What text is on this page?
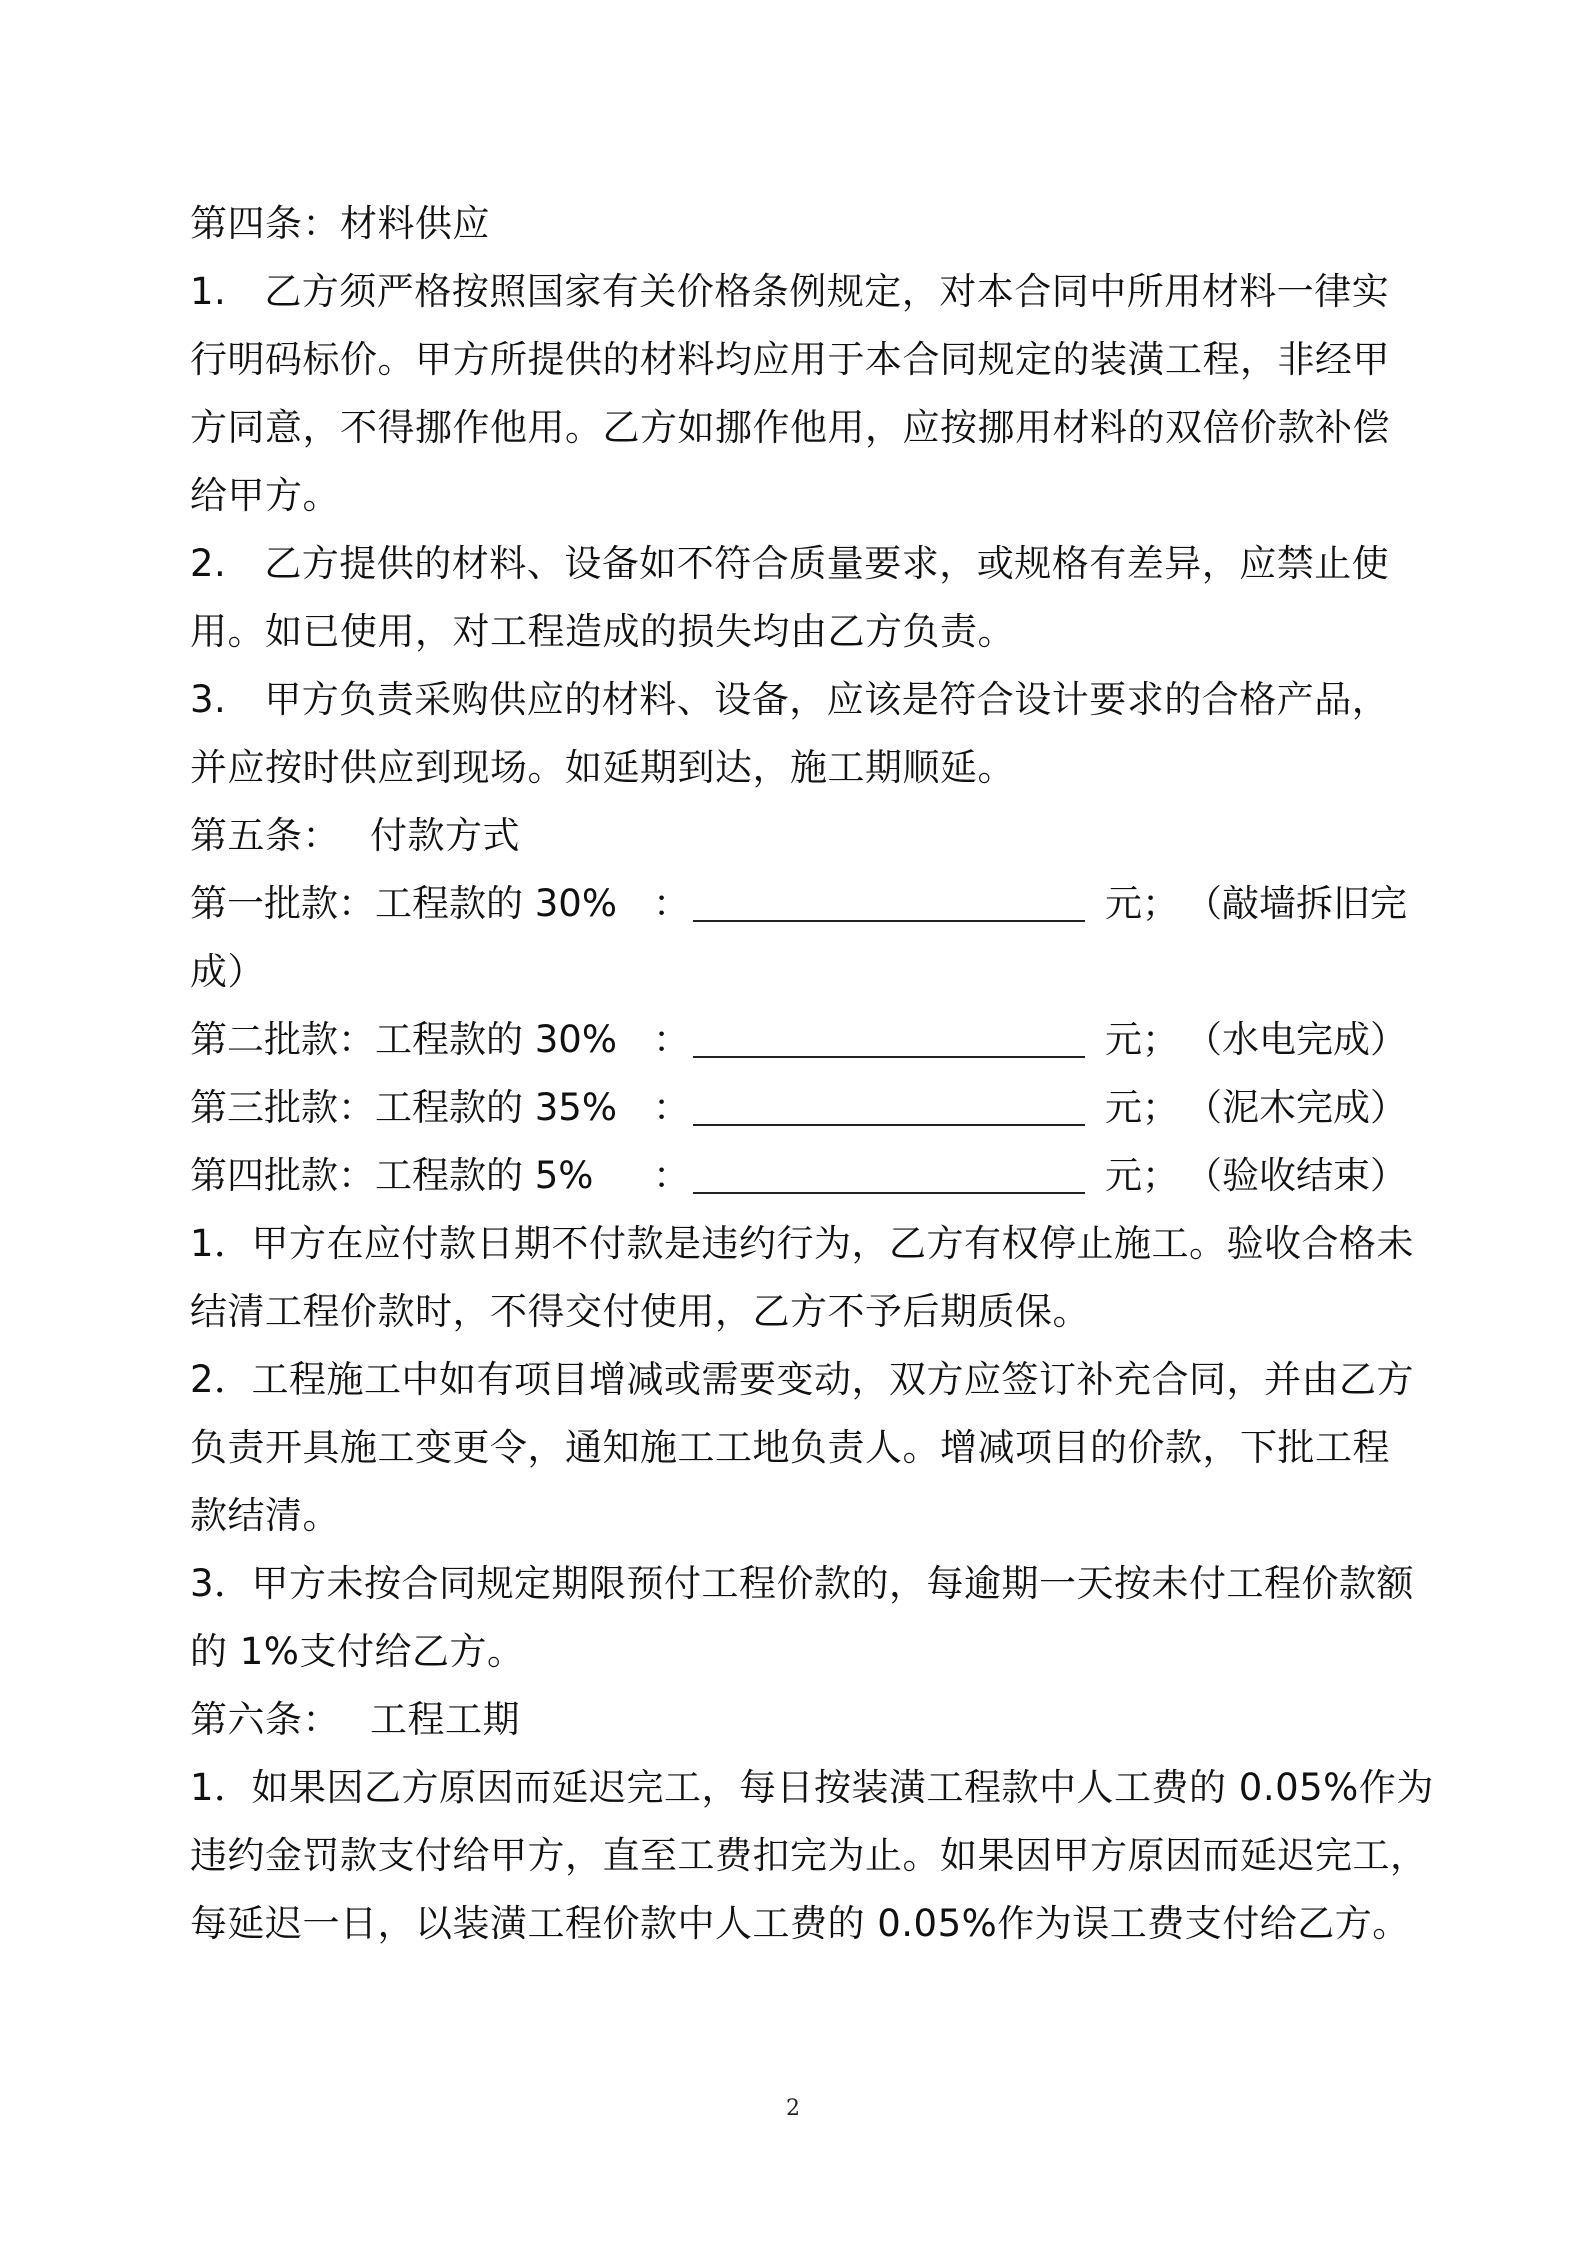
第四条：材料供应
1. 乙方须严格按照国家有关价格条例规定，对本合同中所用材料一律实
行明码标价。甲方所提供的材料均应用于本合同规定的装潢工程，非经甲
方同意，不得挪作他用。乙方如挪作他用，应按挪用材料的双倍价款补偿
给甲方。
2. 乙方提供的材料、设备如不符合质量要求，或规格有差异，应禁止使
用。如已使用，对工程造成的损失均由乙方负责。
3. 甲方负责采购供应的材料、设备，应该是符合设计要求的合格产品，
并应按时供应到现场。如延期到达，施工期顺延。
第五条： 付款方式
第一批款：工程款的 30% ：	元； （敲墙拆旧完
成）
第二批款：工程款的 30% ：	元； （水电完成）
第三批款：工程款的 35% ：	元； （泥木完成）
第四批款：工程款的 5% ：	元； （验收结束）
1．甲方在应付款日期不付款是违约行为，乙方有权停止施工。验收合格未
结清工程价款时，不得交付使用，乙方不予后期质保。
2．工程施工中如有项目增减或需要变动，双方应签订补充合同，并由乙方
负责开具施工变更令，通知施工工地负责人。增减项目的价款，下批工程
款结清。
3．甲方未按合同规定期限预付工程价款的，每逾期一天按未付工程价款额
的 1%支付给乙方。
第六条： 工程工期
1．如果因乙方原因而延迟完工，每日按装潢工程款中人工费的 0.05%作为
违约金罚款支付给甲方，直至工费扣完为止。如果因甲方原因而延迟完工，
每延迟一日，以装潢工程价款中人工费的 0.05%作为误工费支付给乙方。
2
